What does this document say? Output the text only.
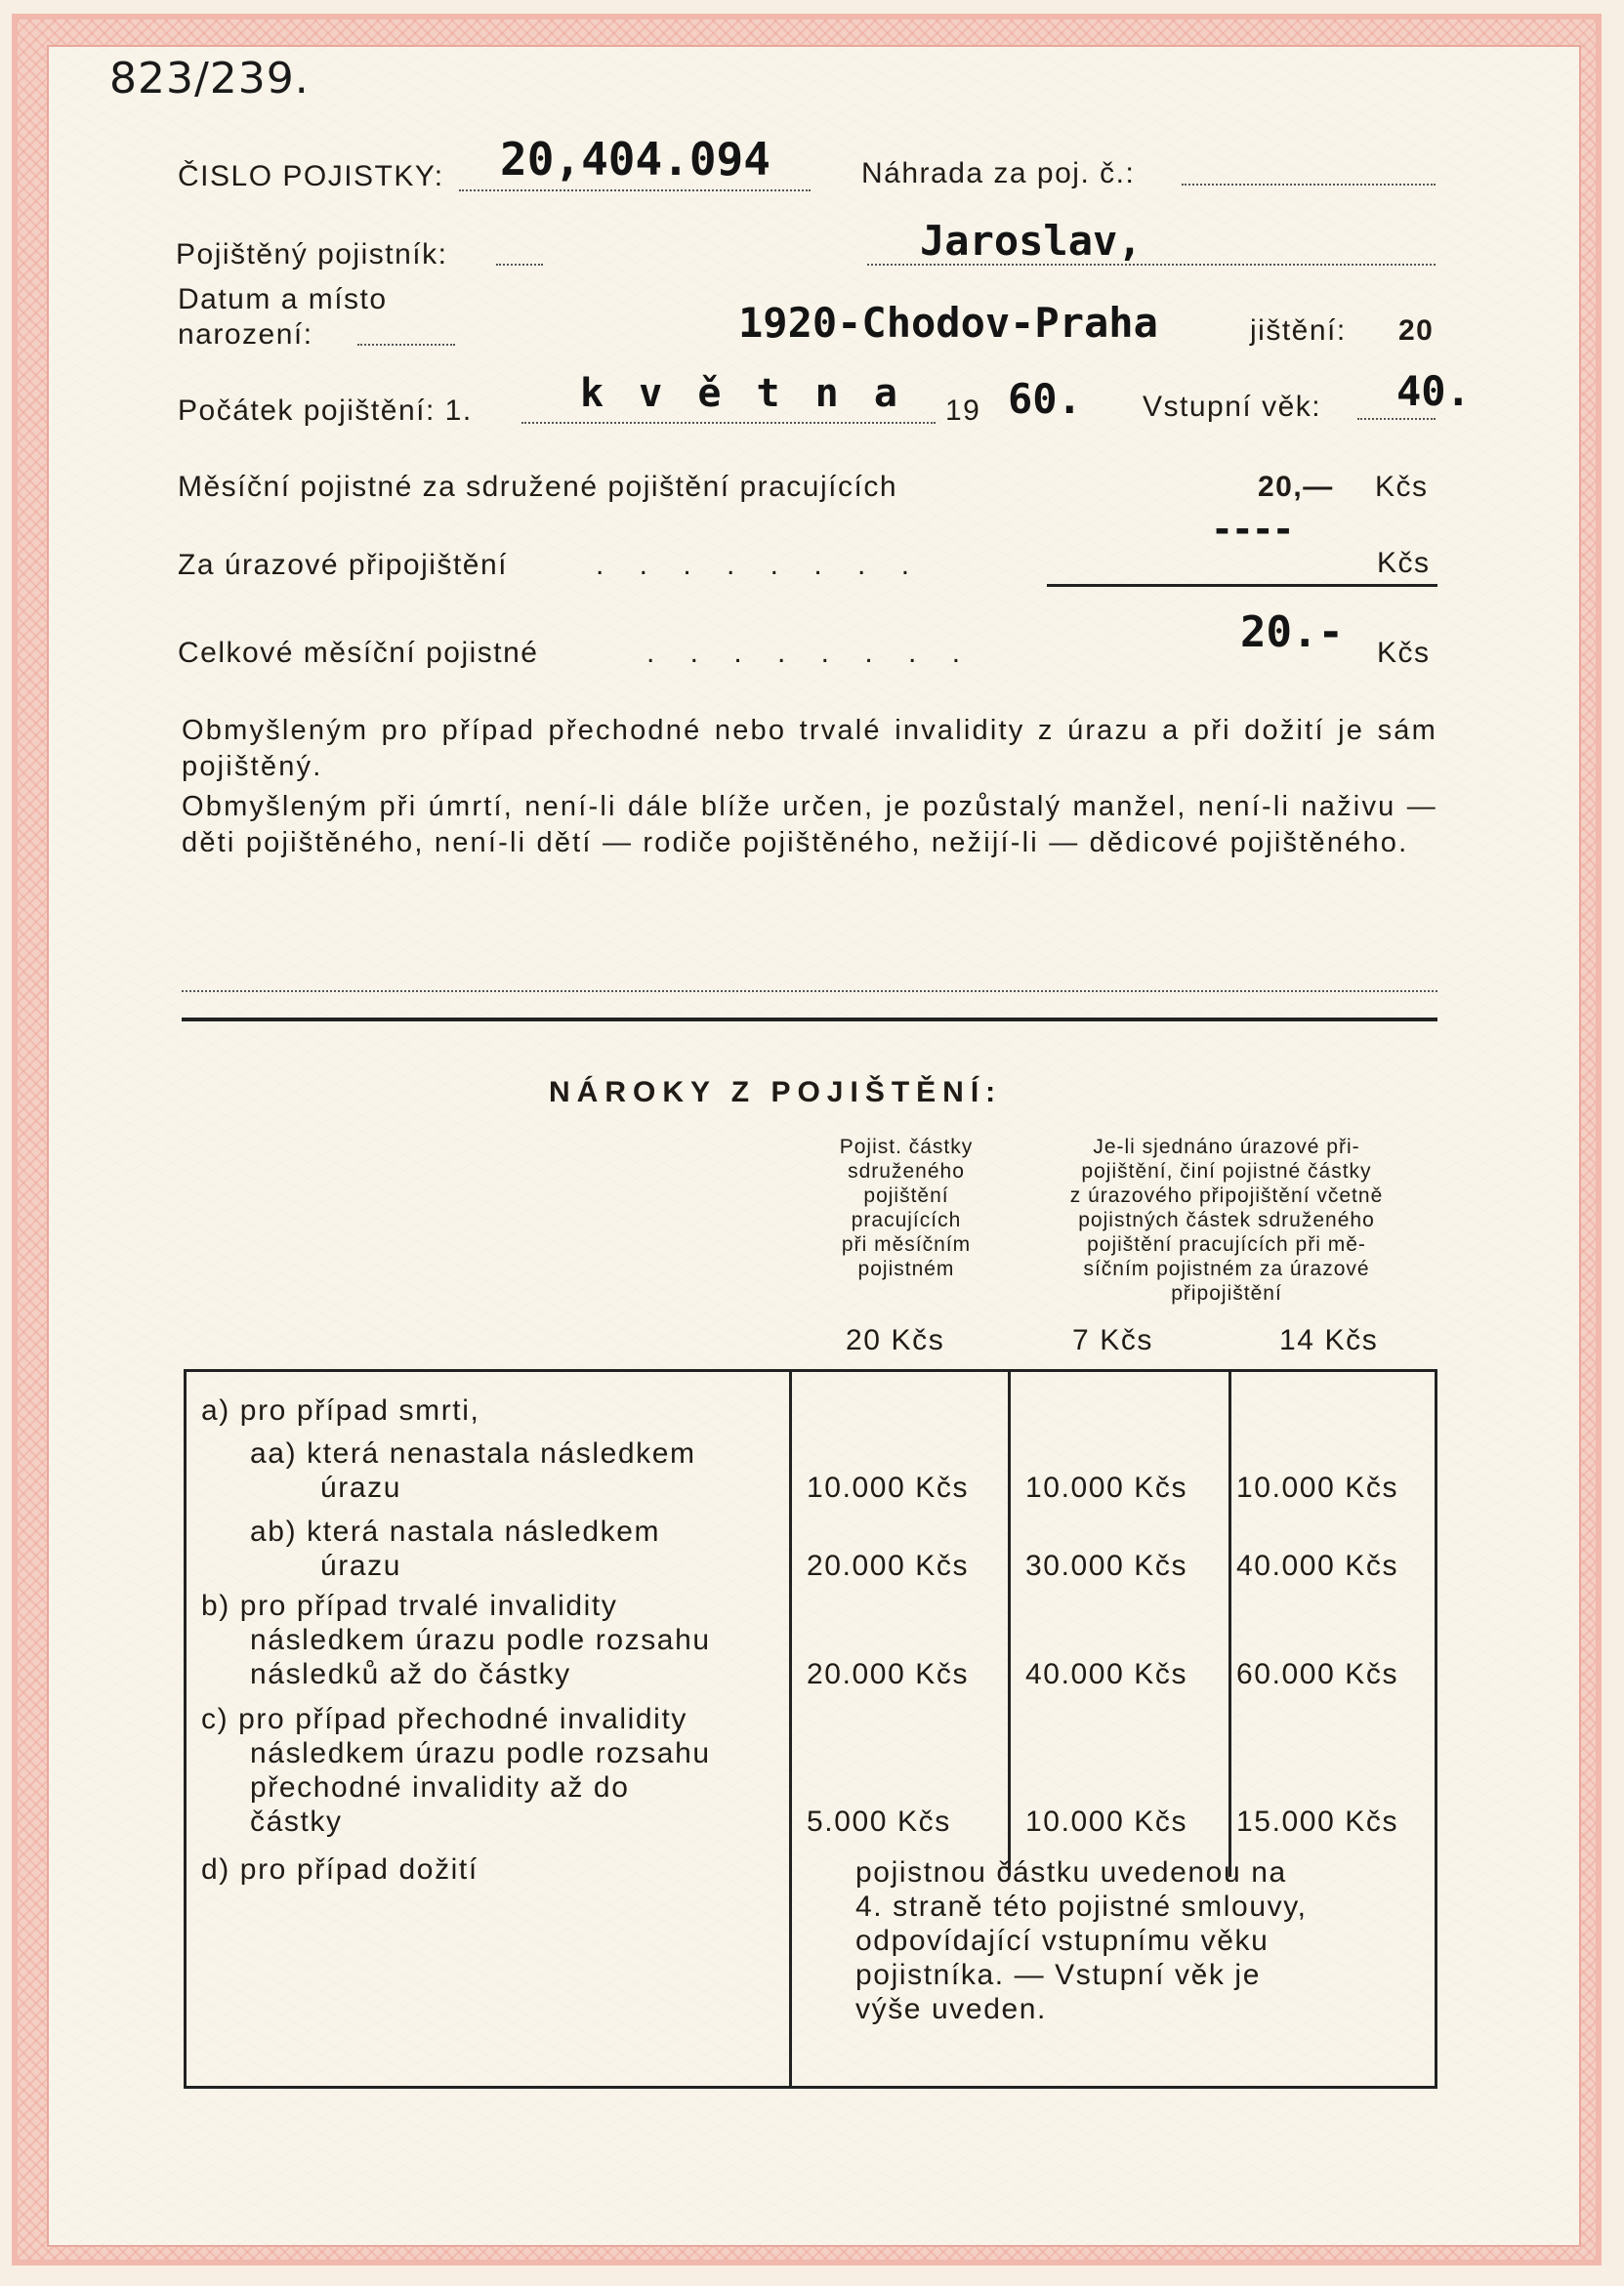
823/239.
ČISLO POJISTKY: 20,404.094	Náhrada za poj. č.:
Pojištěný pojistník:	Jaroslav,
Datum a místo
narození:	1920-Chodov-Praha	jištění: 20
Počátek pojištění: 1.	k v ě t n a 19 60. Vstupní věk: 40.
Měsíční pojistné za sdružené pojištění pracujících	20,— Kčs
Za úrazové připojištění	. . . . . . . .
----
Kčs
Celkové měsíční pojistné	. . . . . . . .	20.- Kčs
Obmyšleným pro případ přechodné nebo trvalé invalidity z úrazu a při dožití je sám pojištěný.
Obmyšleným při úmrtí, není-li dále blíže určen, je pozůstalý manžel, není-li naživu — děti pojištěného, není-li dětí — rodiče pojištěného, nežijí-li — dědicové pojištěného.
NÁROKY Z POJIŠTĚNÍ:
Pojist. částky
sdruženého
pojištění
pracujících
při měsíčním
pojistném
Je-li sjednáno úrazové při-
pojištění, činí pojistné částky
z úrazového připojištění včetně
pojistných částek sdruženého
pojištění pracujících při mě-
síčním pojistném za úrazové
připojištění
20 Kčs	7 Kčs	14 Kčs
a) pro případ smrti,
aa) která nenastala následkem
úrazu	10.000 Kčs 10.000 Kčs 10.000 Kčs
ab) která nastala následkem
úrazu	20.000 Kčs 30.000 Kčs 40.000 Kčs
b) pro případ trvalé invalidity
následkem úrazu podle rozsahu
následků až do částky	20.000 Kčs 40.000 Kčs 60.000 Kčs
c) pro případ přechodné invalidity
následkem úrazu podle rozsahu
přechodné invalidity až do
částky	5.000 Kčs	10.000 Kčs 15.000 Kčs
d) pro případ dožití	pojistnou částku uvedenou na
4. straně této pojistné smlouvy,
odpovídající vstupnímu věku
pojistníka. — Vstupní věk je
výše uveden.
